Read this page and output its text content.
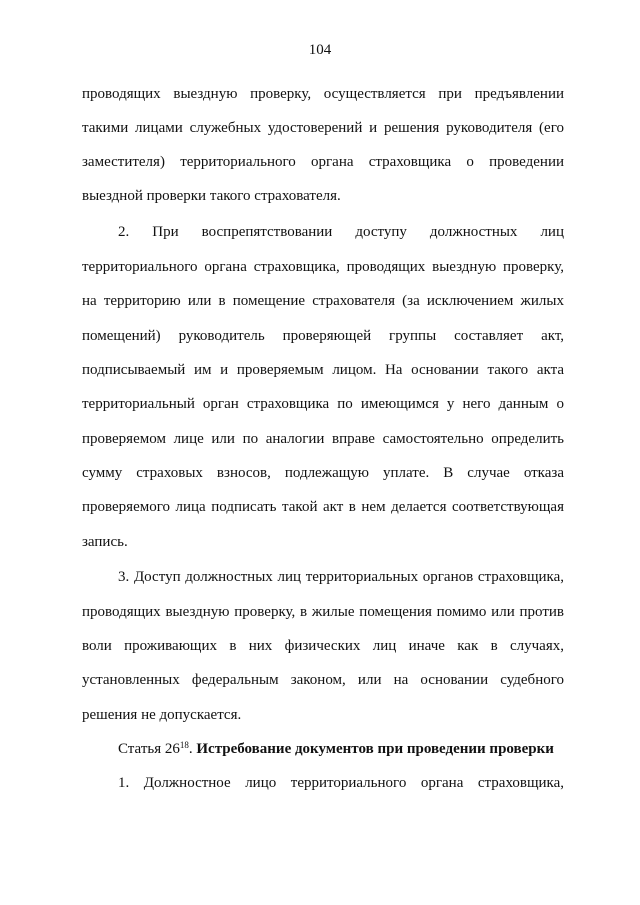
104
проводящих выездную проверку, осуществляется при предъявлении
такими лицами служебных удостоверений и решения руководителя (его
заместителя) территориального органа страховщика о проведении
выездной проверки такого страхователя.
2. При воспрепятствовании доступу должностных лиц
территориального органа страховщика, проводящих выездную проверку,
на территорию или в помещение страхователя (за исключением жилых
помещений) руководитель проверяющей группы составляет акт,
подписываемый им и проверяемым лицом. На основании такого акта
территориальный орган страховщика по имеющимся у него данным о
проверяемом лице или по аналогии вправе самостоятельно определить
сумму страховых взносов, подлежащую уплате. В случае отказа
проверяемого лица подписать такой акт в нем делается соответствующая
запись.
3. Доступ должностных лиц территориальных органов страховщика,
проводящих выездную проверку, в жилые помещения помимо или против
воли проживающих в них физических лиц иначе как в случаях,
установленных федеральным законом, или на основании судебного
решения не допускается.
Статья $26^{18}$. Истребование документов при проведении проверки
1. Должностное лицо территориального органа страховщика,
